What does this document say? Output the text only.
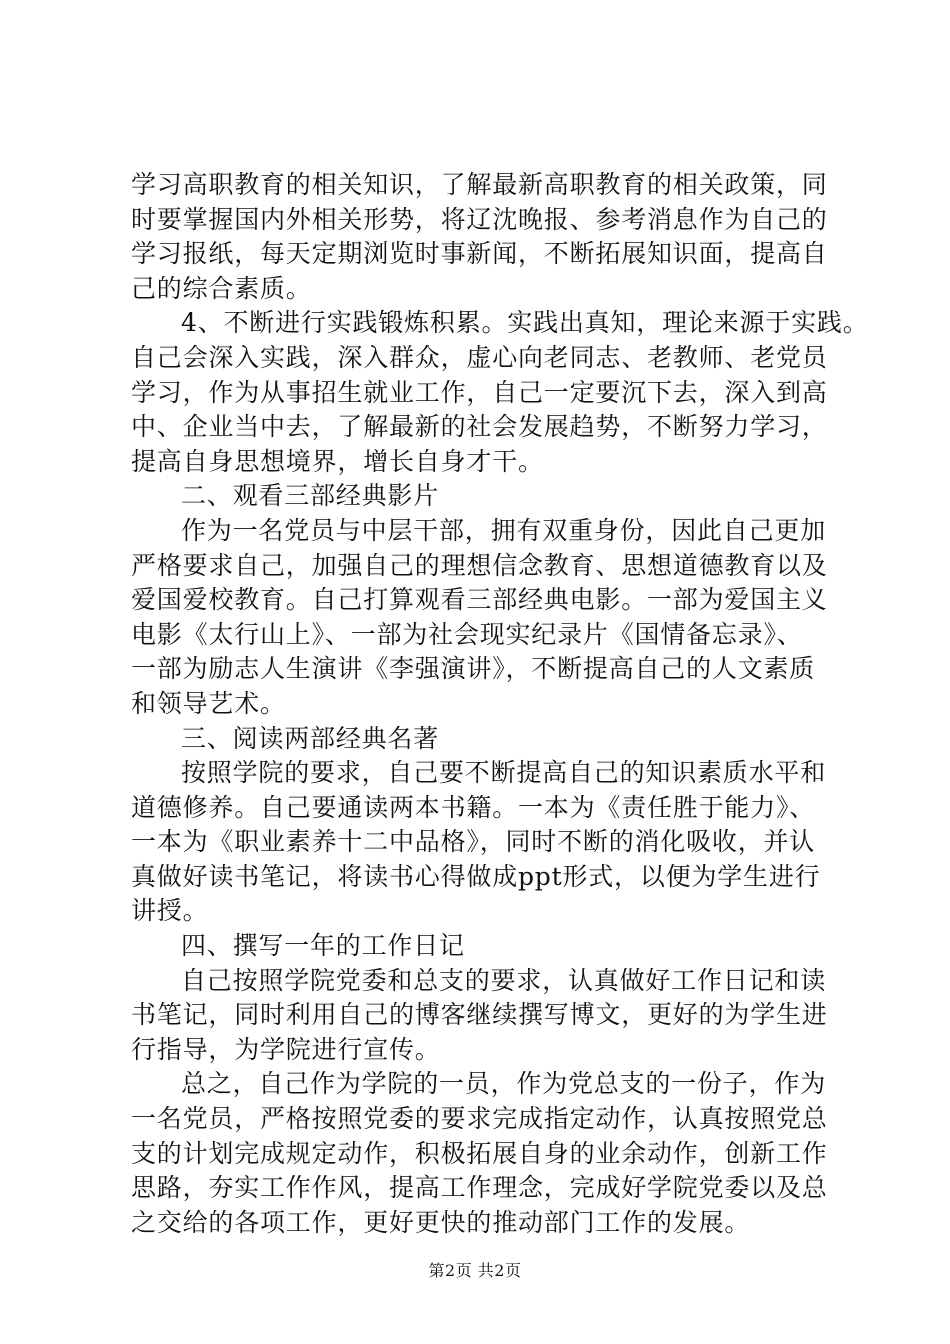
学习高职教育的相关知识，了解最新高职教育的相关政策，同
时要掌握国内外相关形势，将辽沈晚报、参考消息作为自己的
学习报纸，每天定期浏览时事新闻，不断拓展知识面，提高自
己的综合素质。
4、不断进行实践锻炼积累。实践出真知，理论来源于实践。
自己会深入实践，深入群众，虚心向老同志、老教师、老党员
学习，作为从事招生就业工作，自己一定要沉下去，深入到高
中、企业当中去，了解最新的社会发展趋势，不断努力学习，
提高自身思想境界，增长自身才干。
二、观看三部经典影片
作为一名党员与中层干部，拥有双重身份，因此自己更加
严格要求自己，加强自己的理想信念教育、思想道德教育以及
爱国爱校教育。自己打算观看三部经典电影。一部为爱国主义
电影《太行山上》、一部为社会现实纪录片《国情备忘录》、
一部为励志人生演讲《李强演讲》，不断提高自己的人文素质
和领导艺术。
三、阅读两部经典名著
按照学院的要求，自己要不断提高自己的知识素质水平和
道德修养。自己要通读两本书籍。一本为《责任胜于能力》、
一本为《职业素养十二中品格》，同时不断的消化吸收，并认
真做好读书笔记，将读书心得做成ppt形式，以便为学生进行
讲授。
四、撰写一年的工作日记
自己按照学院党委和总支的要求，认真做好工作日记和读
书笔记，同时利用自己的博客继续撰写博文，更好的为学生进
行指导，为学院进行宣传。
总之，自己作为学院的一员，作为党总支的一份子，作为
一名党员，严格按照党委的要求完成指定动作，认真按照党总
支的计划完成规定动作，积极拓展自身的业余动作，创新工作
思路，夯实工作作风，提高工作理念，完成好学院党委以及总
之交给的各项工作，更好更快的推动部门工作的发展。
第2页 共2页
